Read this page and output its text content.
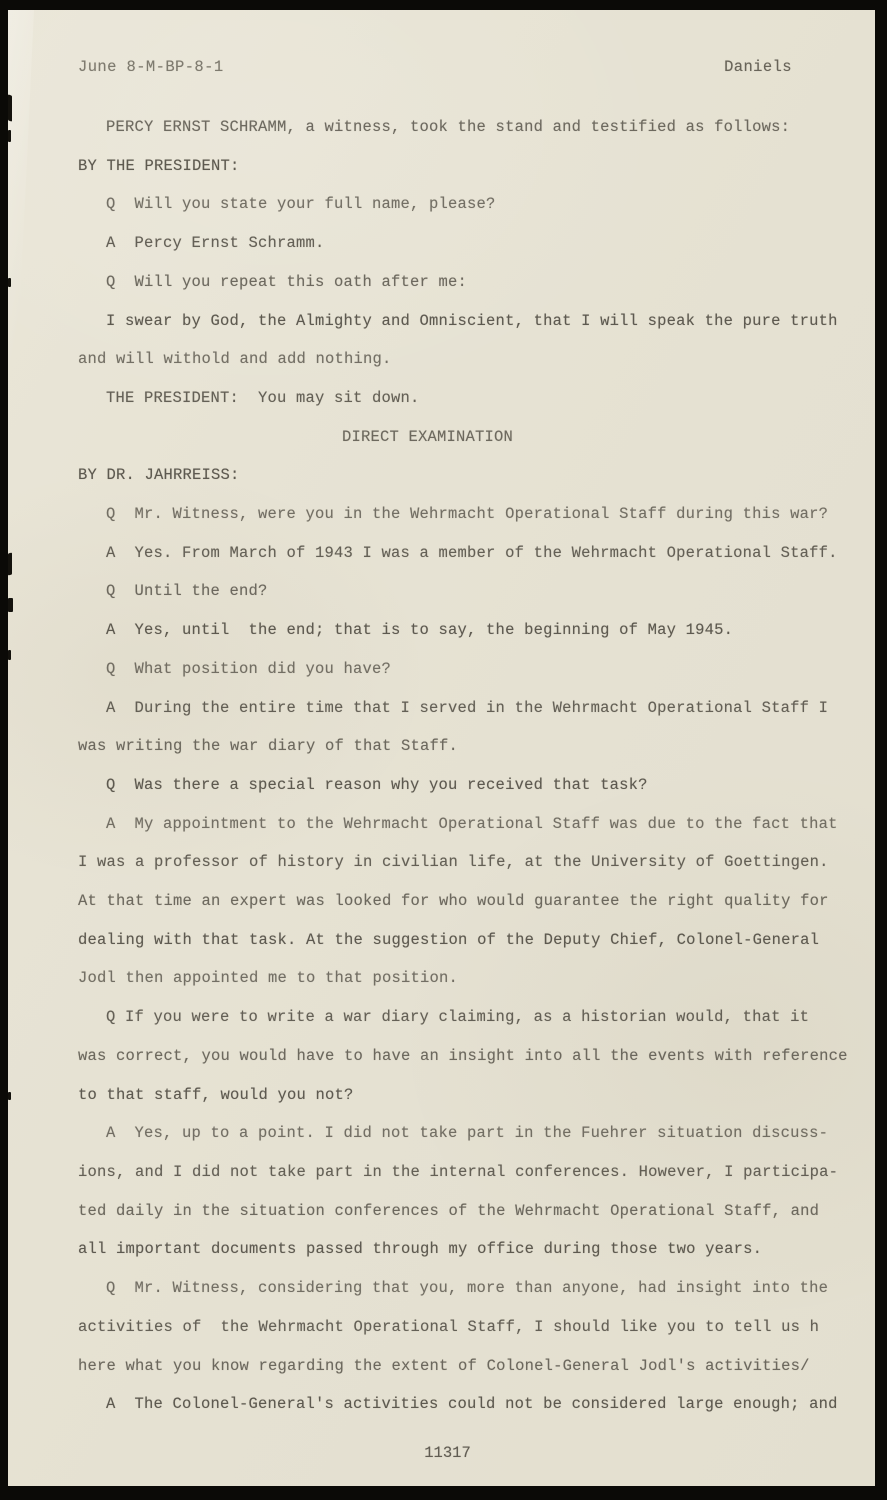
June 8-M-BP-8-1	Daniels
PERCY ERNST SCHRAMM, a witness, took the stand and testified as follows:
BY THE PRESIDENT:
Q  Will you state your full name, please?
A  Percy Ernst Schramm.
Q  Will you repeat this oath after me:
I swear by God, the Almighty and Omniscient, that I will speak the pure truth
and will withold and add nothing.
THE PRESIDENT:  You may sit down.
DIRECT EXAMINATION
BY DR. JAHRREISS:
Q  Mr. Witness, were you in the Wehrmacht Operational Staff during this war?
A  Yes. From March of 1943 I was a member of the Wehrmacht Operational Staff.
Q  Until the end?
A  Yes, until  the end; that is to say, the beginning of May 1945.
Q  What position did you have?
A  During the entire time that I served in the Wehrmacht Operational Staff I
was writing the war diary of that Staff.
Q  Was there a special reason why you received that task?
A  My appointment to the Wehrmacht Operational Staff was due to the fact that
I was a professor of history in civilian life, at the University of Goettingen.
At that time an expert was looked for who would guarantee the right quality for
dealing with that task. At the suggestion of the Deputy Chief, Colonel-General
Jodl then appointed me to that position.
Q If you were to write a war diary claiming, as a historian would, that it
was correct, you would have to have an insight into all the events with reference
to that staff, would you not?
A  Yes, up to a point. I did not take part in the Fuehrer situation discuss-
ions, and I did not take part in the internal conferences. However, I participa-
ted daily in the situation conferences of the Wehrmacht Operational Staff, and
all important documents passed through my office during those two years.
Q  Mr. Witness, considering that you, more than anyone, had insight into the
activities of  the Wehrmacht Operational Staff, I should like you to tell us h
here what you know regarding the extent of Colonel-General Jodl's activities/
A  The Colonel-General's activities could not be considered large enough; and
11317
